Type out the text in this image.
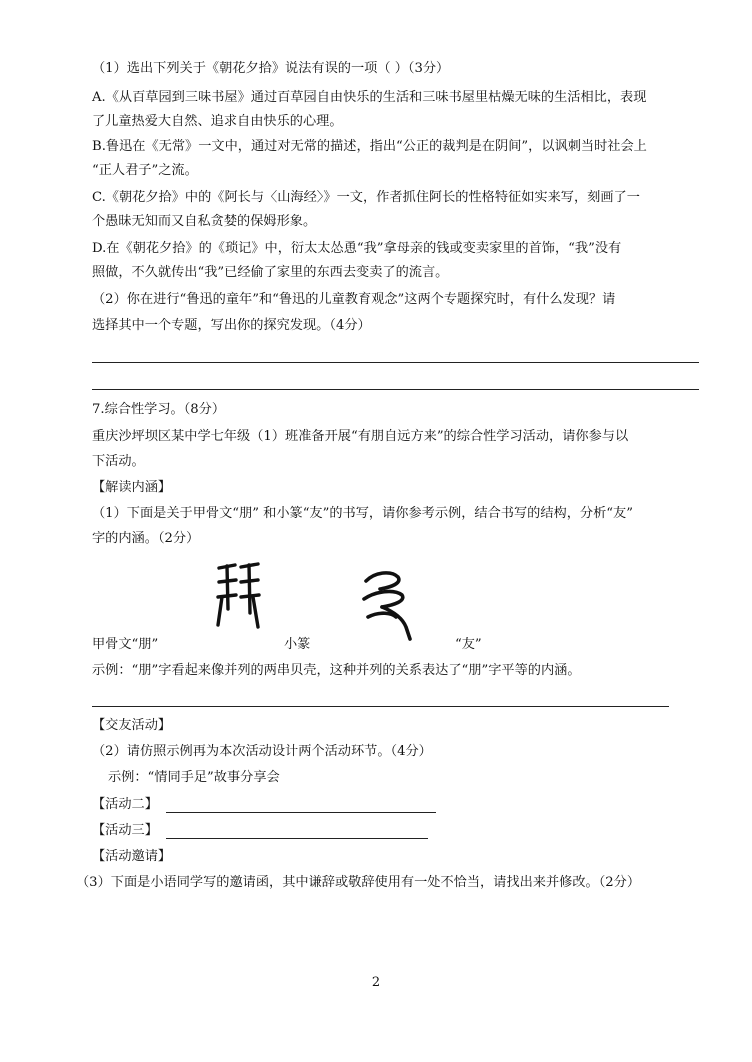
（1）选出下列关于《朝花夕拾》说法有误的一项（ ）（3分）
A.《从百草园到三味书屋》通过百草园自由快乐的生活和三味书屋里枯燥无味的生活相比，表现
了儿童热爱大自然、追求自由快乐的心理。
B.鲁迅在《无常》一文中，通过对无常的描述，指出“公正的裁判是在阴间”，以讽刺当时社会上
“正人君子”之流。
C.《朝花夕拾》中的《阿长与〈山海经〉》一文，作者抓住阿长的性格特征如实来写，刻画了一
个愚昧无知而又自私贪婪的保姆形象。
D.在《朝花夕拾》的《琐记》中，衍太太怂恿“我”拿母亲的钱或变卖家里的首饰，“我”没有
照做，不久就传出“我”已经偷了家里的东西去变卖了的流言。
（2）你在进行“鲁迅的童年”和“鲁迅的儿童教育观念”这两个专题探究时，有什么发现？请
选择其中一个专题，写出你的探究发现。（4分）
7.综合性学习。（8分）
重庆沙坪坝区某中学七年级（1）班准备开展“有朋自远方来”的综合性学习活动，请你参与以
下活动。
【解读内涵】
（1）下面是关于甲骨文“朋” 和小篆“友”的书写，请你参考示例，结合书写的结构，分析“友”
字的内涵。（2分）
甲骨文“朋”	小篆	“友”
示例：“朋”字看起来像并列的两串贝壳，这种并列的关系表达了“朋”字平等的内涵。
【交友活动】
（2）请仿照示例再为本次活动设计两个活动环节。（4分）
示例：“情同手足”故事分享会
【活动二】
【活动三】
【活动邀请】
（3）下面是小语同学写的邀请函，其中谦辞或敬辞使用有一处不恰当，请找出来并修改。（2分）
2
